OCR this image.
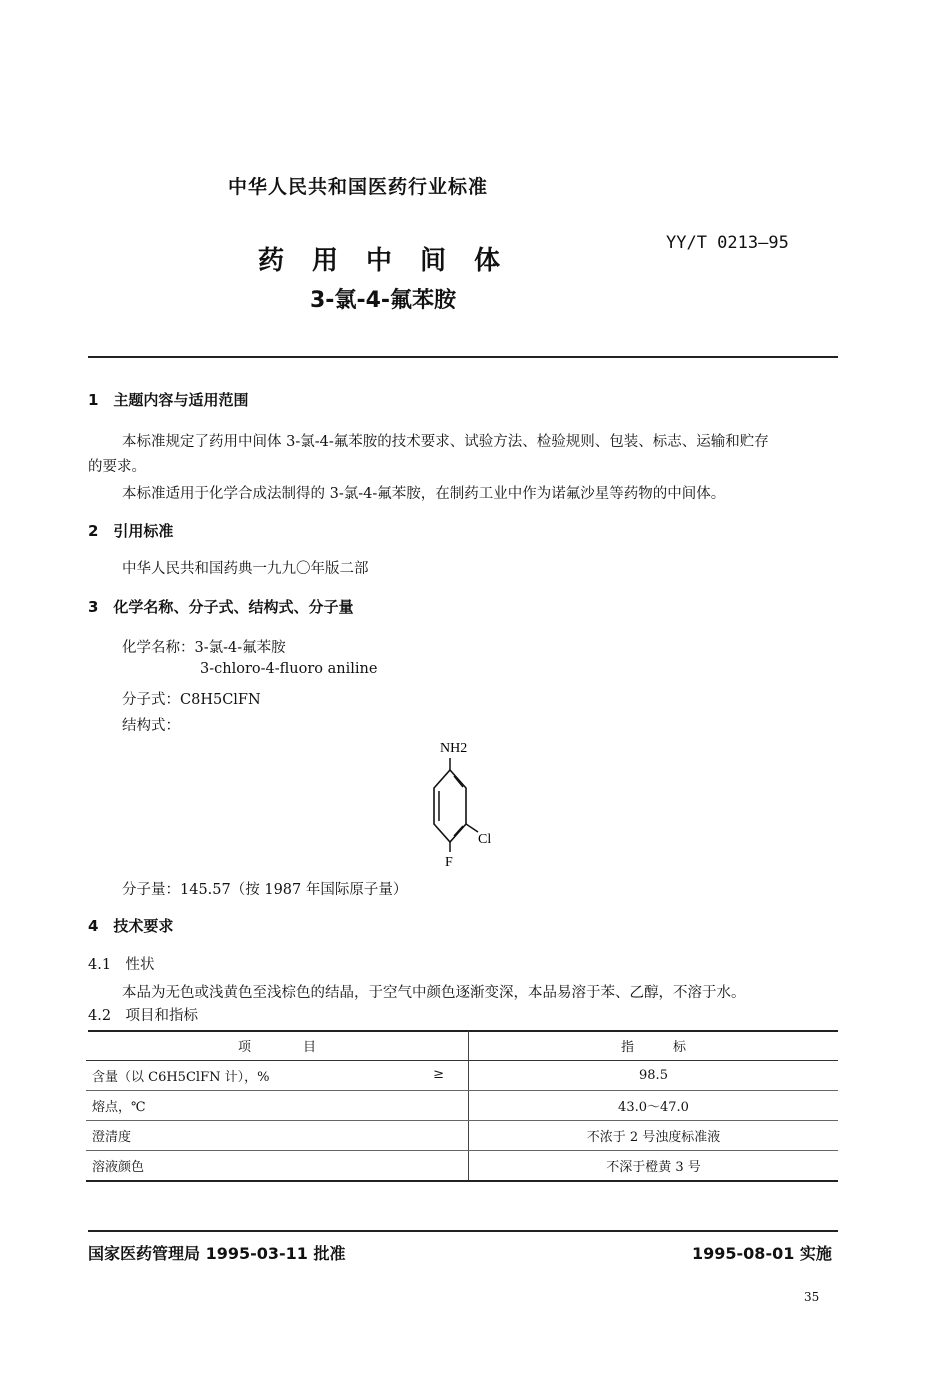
中华人民共和国医药行业标准
药 用 中 间 体
3-氯-4-氟苯胺
YY/T 0213—95
1　主题内容与适用范围
本标准规定了药用中间体 3-氯-4-氟苯胺的技术要求、试验方法、检验规则、包装、标志、运输和贮存
的要求。
本标准适用于化学合成法制得的 3-氯-4-氟苯胺，在制药工业中作为诺氟沙星等药物的中间体。
2　引用标准
中华人民共和国药典一九九〇年版二部
3　化学名称、分子式、结构式、分子量
化学名称：3-氯-4-氟苯胺
3-chloro-4-fluoro aniline
分子式：C8H5ClFN
结构式：
NH2
Cl
F
分子量：145.57（按 1987 年国际原子量）
4　技术要求
4.1　性状
本品为无色或浅黄色至浅棕色的结晶，于空气中颜色逐渐变深，本品易溶于苯、乙醇，不溶于水。
4.2　项目和指标
项　　　　目	指　　　标
含量（以 C6H5ClFN 计），% ≥	98.5
熔点，℃	43.0～47.0
澄清度	不浓于 2 号浊度标准液
溶液颜色	不深于橙黄 3 号
国家医药管理局 1995-03-11 批准	1995-08-01 实施
35
